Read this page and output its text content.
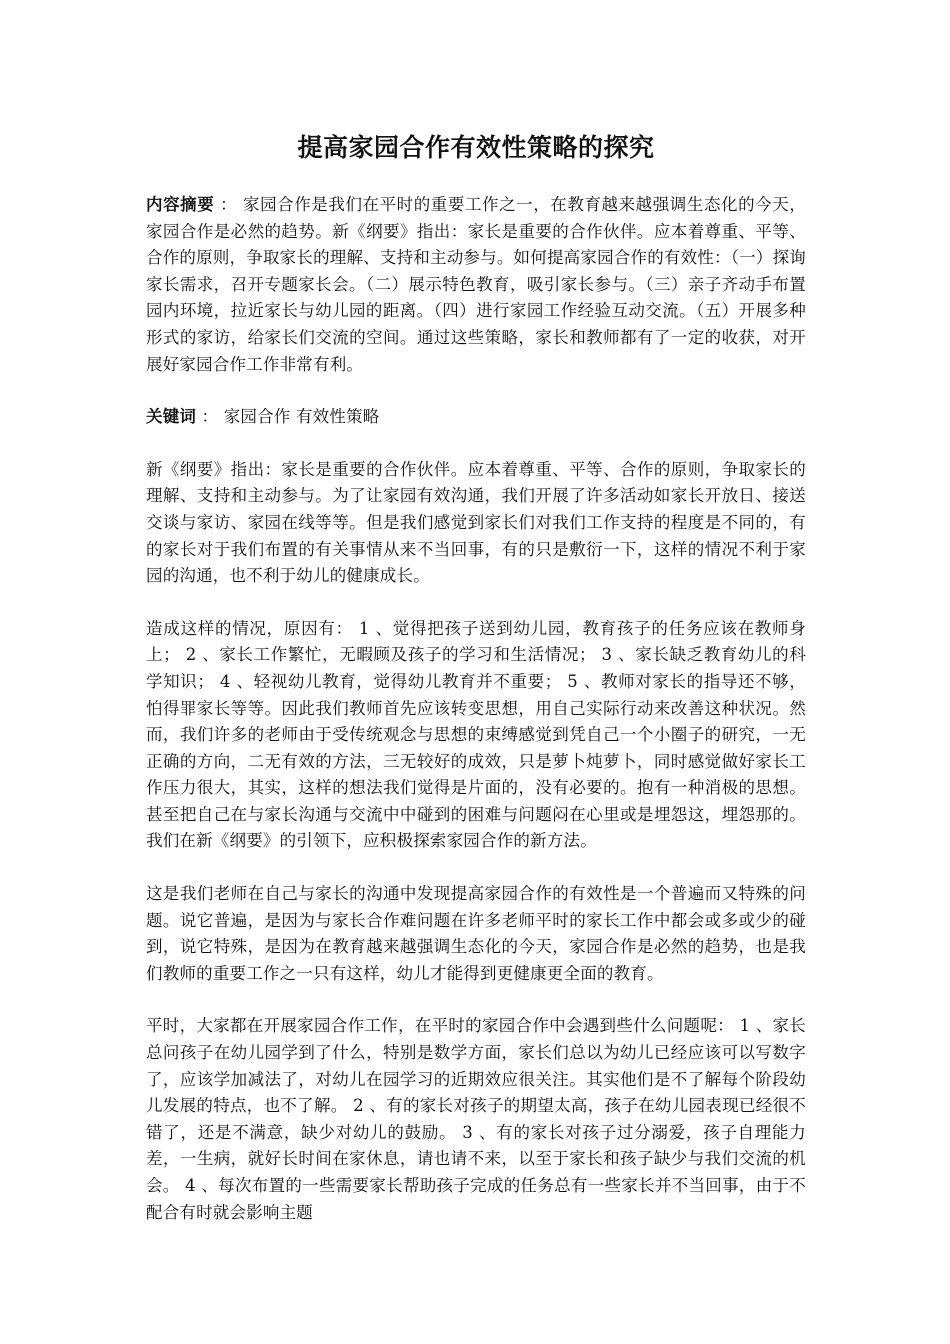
提高家园合作有效性策略的探究

内容摘要 ： 家园合作是我们在平时的重要工作之一，在教育越来越强调生态化的今天，家园合作是必然的趋势。新《纲要》指出：家长是重要的合作伙伴。应本着尊重、平等、合作的原则，争取家长的理解、支持和主动参与。如何提高家园合作的有效性：（一）探询家长需求，召开专题家长会。（二）展示特色教育，吸引家长参与。（三）亲子齐动手布置园内环境，拉近家长与幼儿园的距离。（四）进行家园工作经验互动交流。（五）开展多种形式的家访，给家长们交流的空间。通过这些策略，家长和教师都有了一定的收获，对开展好家园合作工作非常有利。

关键词 ： 家园合作 有效性策略

新《纲要》指出：家长是重要的合作伙伴。应本着尊重、平等、合作的原则，争取家长的理解、支持和主动参与。为了让家园有效沟通，我们开展了许多活动如家长开放日、接送交谈与家访、家园在线等等。但是我们感觉到家长们对我们工作支持的程度是不同的，有的家长对于我们布置的有关事情从来不当回事，有的只是敷衍一下，这样的情况不利于家园的沟通，也不利于幼儿的健康成长。

造成这样的情况，原因有： 1 、觉得把孩子送到幼儿园，教育孩子的任务应该在教师身上； 2 、家长工作繁忙，无暇顾及孩子的学习和生活情况； 3 、家长缺乏教育幼儿的科学知识； 4 、轻视幼儿教育，觉得幼儿教育并不重要； 5 、教师对家长的指导还不够，怕得罪家长等等。因此我们教师首先应该转变思想，用自己实际行动来改善这种状况。然而，我们许多的老师由于受传统观念与思想的束缚感觉到凭自己一个小圈子的研究，一无正确的方向，二无有效的方法，三无较好的成效，只是萝卜炖萝卜，同时感觉做好家长工作压力很大，其实，这样的想法我们觉得是片面的，没有必要的。抱有一种消极的思想。甚至把自己在与家长沟通与交流中中碰到的困难与问题闷在心里或是埋怨这，埋怨那的。我们在新《纲要》的引领下，应积极探索家园合作的新方法。

这是我们老师在自己与家长的沟通中发现提高家园合作的有效性是一个普遍而又特殊的问题。说它普遍，是因为与家长合作难问题在许多老师平时的家长工作中都会或多或少的碰到，说它特殊，是因为在教育越来越强调生态化的今天，家园合作是必然的趋势，也是我们教师的重要工作之一只有这样，幼儿才能得到更健康更全面的教育。

平时，大家都在开展家园合作工作，在平时的家园合作中会遇到些什么问题呢： 1 、家长总问孩子在幼儿园学到了什么，特别是数学方面，家长们总以为幼儿已经应该可以写数字了，应该学加减法了，对幼儿在园学习的近期效应很关注。其实他们是不了解每个阶段幼儿发展的特点，也不了解。 2 、有的家长对孩子的期望太高，孩子在幼儿园表现已经很不错了，还是不满意，缺少对幼儿的鼓励。 3 、有的家长对孩子过分溺爱，孩子自理能力差，一生病，就好长时间在家休息，请也请不来，以至于家长和孩子缺少与我们交流的机会。 4 、每次布置的一些需要家长帮助孩子完成的任务总有一些家长并不当回事，由于不配合有时就会影响主题
